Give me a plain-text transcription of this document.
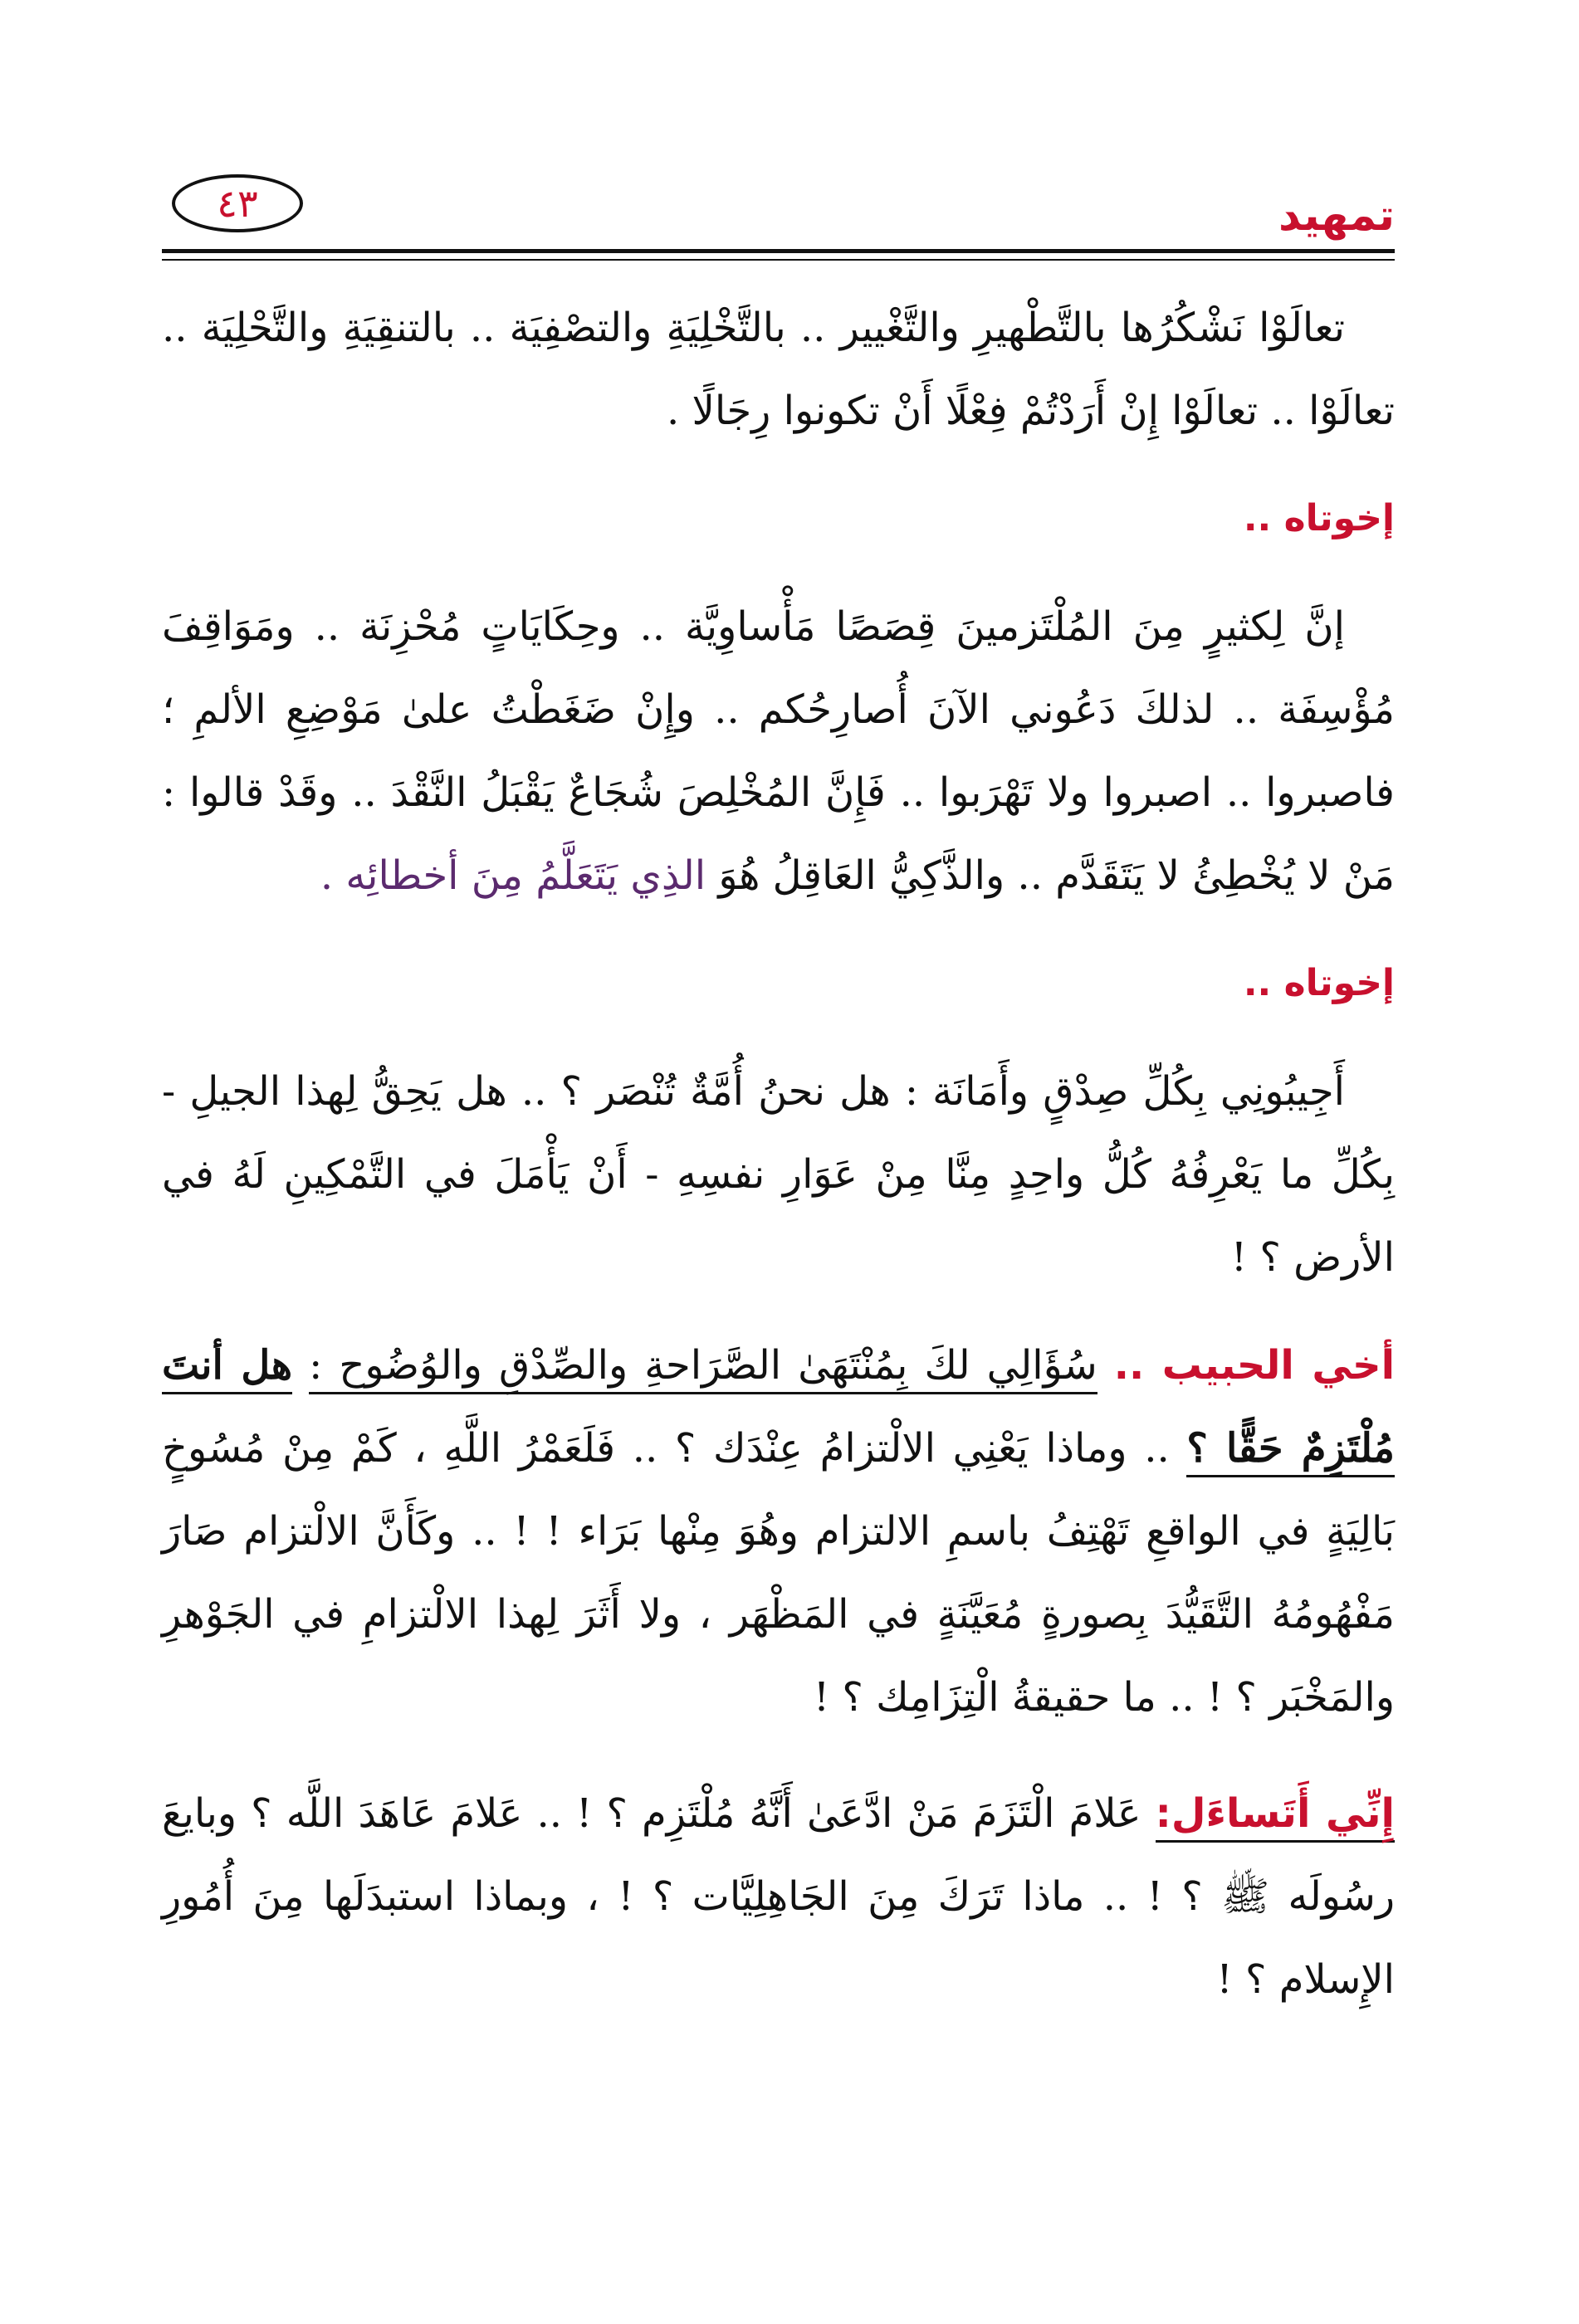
تمهيد
٤٣

تعالَوْا نَشْكُرُها بالتَّطْهيرِ والتَّغْيير .. بالتَّخْلِيَةِ والتصْفِيَة .. بالتنقِيَةِ والتَّحْلِيَة .. تعالَوْا .. تعالَوْا إِنْ أَرَدْتُمْ فِعْلًا أَنْ تكونوا رِجَالًا .

إخوتاه ..

إنَّ لِكثيرٍ مِنَ المُلْتَزمينَ قِصَصًا مَأْساوِيَّة .. وحِكَايَاتٍ مُحْزِنَة .. ومَوَاقِفَ مُؤْسِفَة .. لذلكَ دَعُوني الآنَ أُصارِحُكم .. وإِنْ ضَغَطْتُ علىٰ مَوْضِعِ الألمِ ؛ فاصبروا .. اصبروا ولا تَهْرَبوا .. فَإِنَّ المُخْلِصَ شُجَاعٌ يَقْبَلُ النَّقْدَ .. وقَدْ قالوا : مَنْ لا يُخْطِئُ لا يَتَقَدَّم .. والذَّكِيُّ العَاقِلُ هُوَ الذِي يَتَعَلَّمُ مِنَ أخطائِه .

إخوتاه ..

أَجِيبُونِي بِكُلِّ صِدْقٍ وأَمَانَة : هل نحنُ أُمَّةٌ تُنْصَر ؟ .. هل يَحِقُّ لِهذا الجيلِ - بِكُلِّ ما يَعْرِفُهُ كُلُّ واحِدٍ مِنَّا مِنْ عَوَارِ نفسِهِ - أَنْ يَأْمَلَ في التَّمْكِينِ لَهُ في الأرض ؟ !

أخي الحبيب .. سُؤَالِي لكَ بِمُنْتَهَىٰ الصَّرَاحةِ والصِّدْقِ والوُضُوح : هل أنتَ مُلْتَزِمٌ حَقًّا ؟ .. وماذا يَعْنِي الالْتزامُ عِنْدَك ؟ .. فَلَعَمْرُ اللَّهِ ، كَمْ مِنْ مُسُوخٍ بَالِيَةٍ في الواقعِ تَهْتِفُ باسمِ الالتزام وهُوَ مِنْها بَرَاء ! ! .. وكَأَنَّ الالْتزام صَارَ مَفْهُومُهُ التَّقَيُّدَ بِصورةٍ مُعَيَّنَةٍ في المَظْهَر ، ولا أَثَرَ لِهذا الالْتزامِ في الجَوْهرِ والمَخْبَر ؟ ! .. ما حقيقةُ الْتِزَامِك ؟ !

إِنِّي أَتَساءَل: عَلامَ الْتَزَمَ مَنْ ادَّعَىٰ أَنَّهُ مُلْتَزِم ؟ ! .. عَلامَ عَاهَدَ اللَّه ؟ وبايعَ رسُولَه ﷺ ؟ ! .. ماذا تَرَكَ مِنَ الجَاهِلِيَّات ؟ ! ، وبماذا استبدَلَها مِنَ أُمُورِ الإِسلام ؟ !
